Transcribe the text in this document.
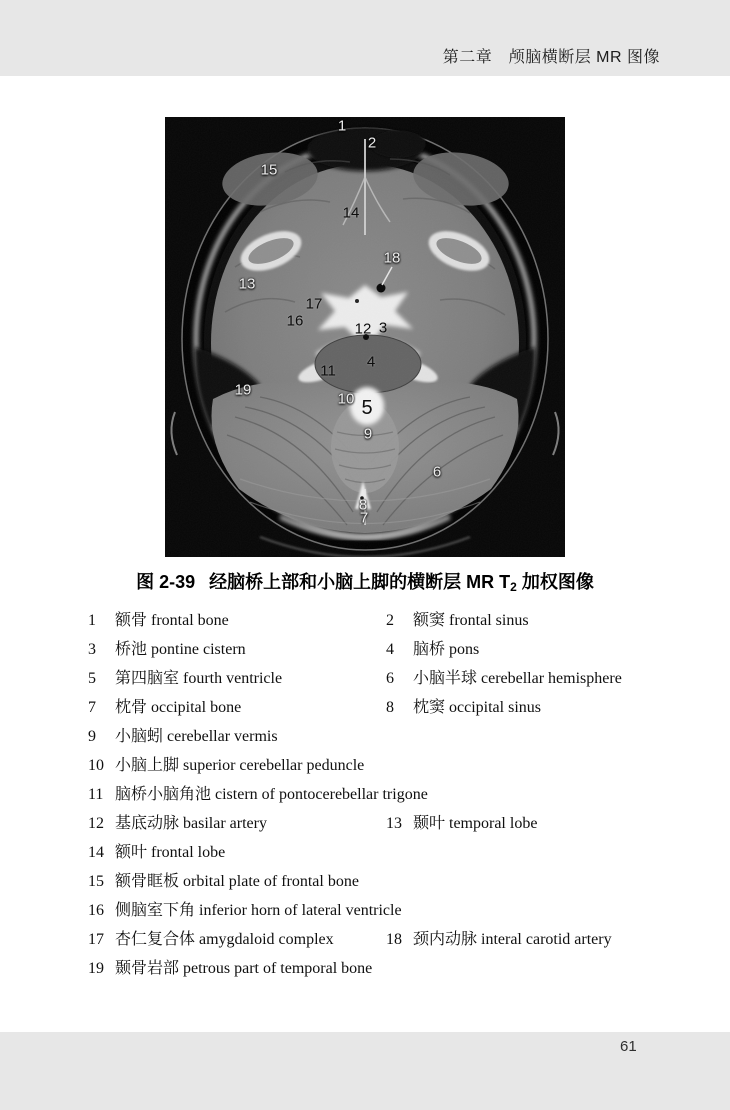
第二章　颅脑横断层 MR 图像
1
2
15
14
18
13
17
16	12 3
4
11
19
10 5
9
6
8
7
图 2-39 经脑桥上部和小脑上脚的横断层 MR $T_2$ 加权图像
1 额骨 frontal bone	2 额窦 frontal sinus
3 桥池 pontine cistern	4 脑桥 pons
5 第四脑室 fourth ventricle	6 小脑半球 cerebellar hemisphere
7 枕骨 occipital bone	8 枕窦 occipital sinus
9 小脑蚓 cerebellar vermis
10 小脑上脚 superior cerebellar peduncle
11 脑桥小脑角池 cistern of pontocerebellar trigone
12 基底动脉 basilar artery	13 颞叶 temporal lobe
14 额叶 frontal lobe
15 额骨眶板 orbital plate of frontal bone
16 侧脑室下角 inferior horn of lateral ventricle
17 杏仁复合体 amygdaloid complex	18 颈内动脉 interal carotid artery
19 颞骨岩部 petrous part of temporal bone
61
